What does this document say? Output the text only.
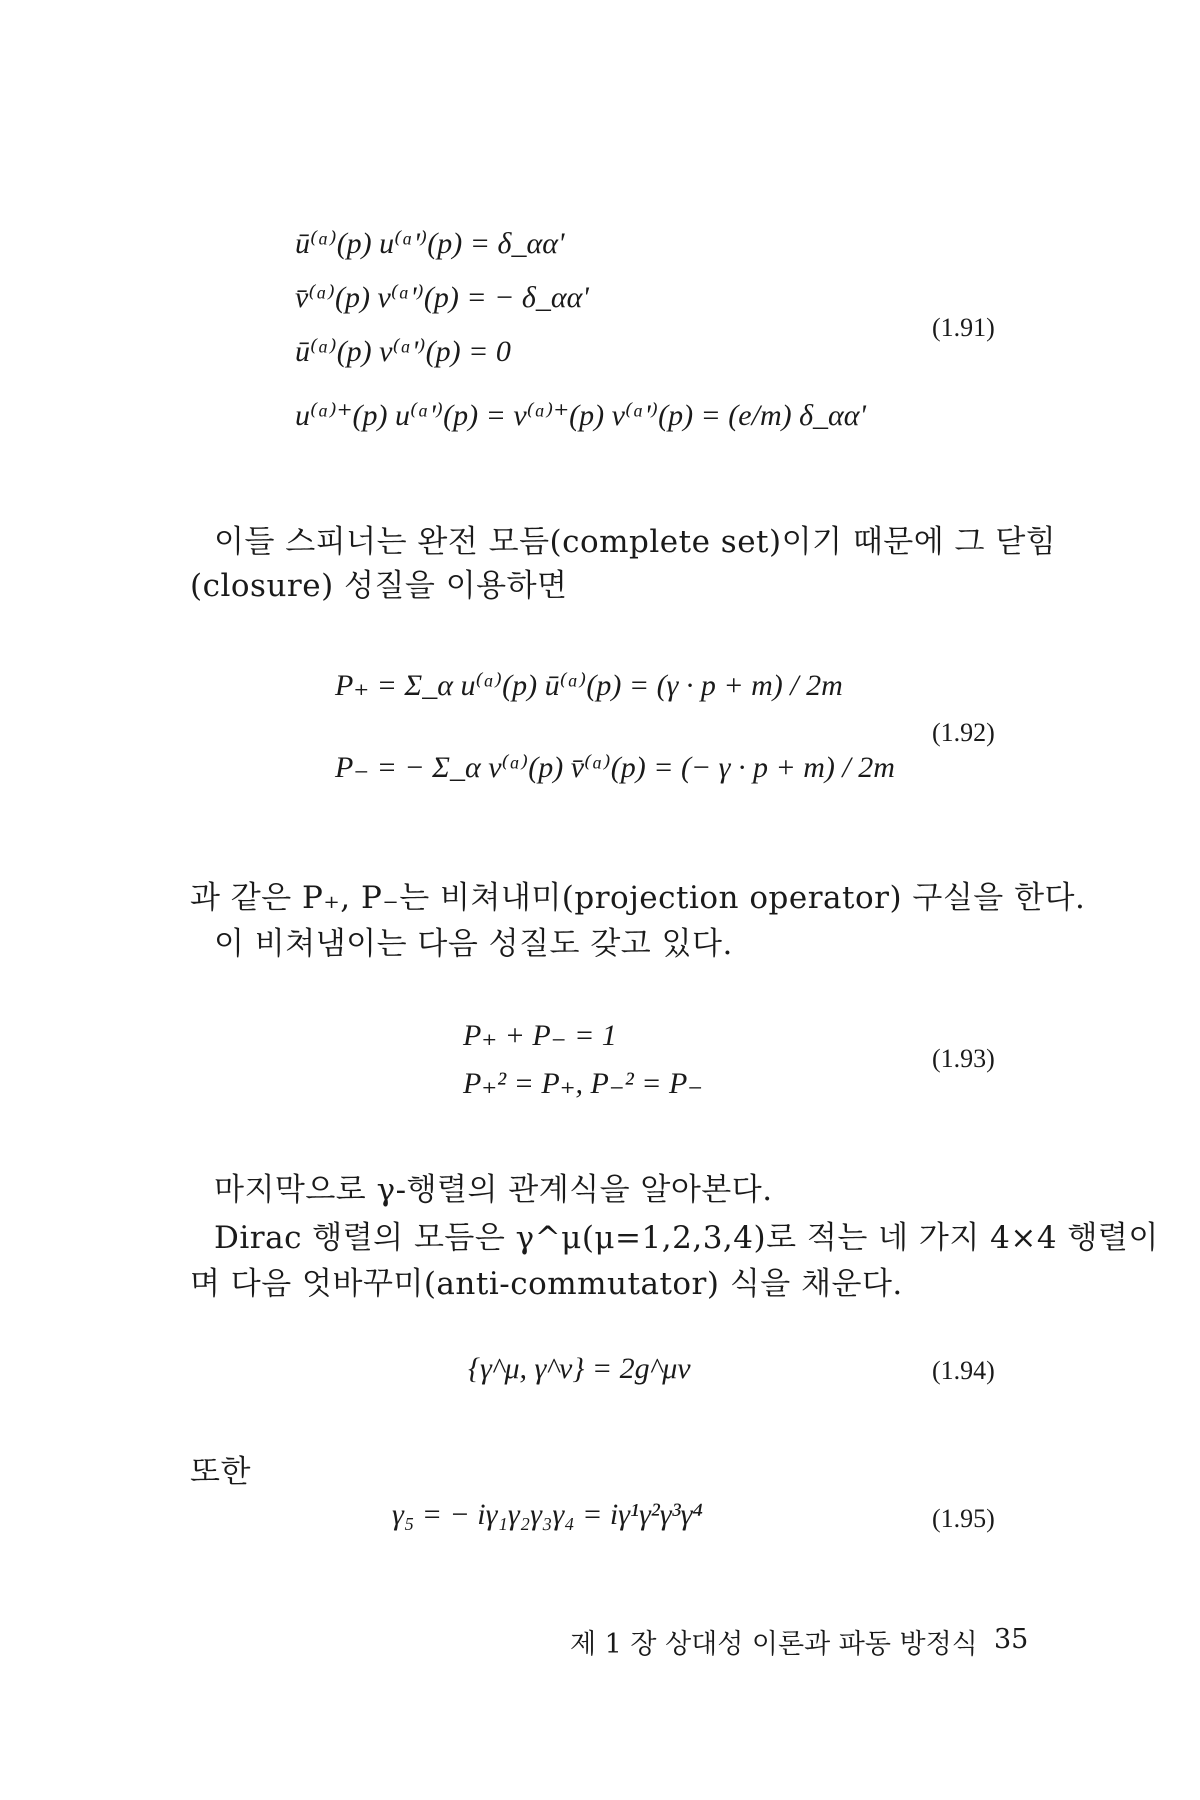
ū⁽ᵅ⁾(p) u⁽ᵅ'⁾(p) = δ_αα'
v̄⁽ᵅ⁾(p) v⁽ᵅ'⁾(p) = − δ_αα'
ū⁽ᵅ⁾(p) v⁽ᵅ'⁾(p) = 0
u⁽ᵅ⁾⁺(p) u⁽ᵅ'⁾(p) = v⁽ᵅ⁾⁺(p) v⁽ᵅ'⁾(p) = (e/m) δ_αα'
(1.91)
이들 스피너는 완전 모듬(complete set)이기 때문에 그 닫힘
(closure) 성질을 이용하면
P₊ = Σ_α u⁽ᵅ⁾(p) ū⁽ᵅ⁾(p) = (γ · p + m) / 2m
P₋ = − Σ_α v⁽ᵅ⁾(p) v̄⁽ᵅ⁾(p) = (− γ · p + m) / 2m
(1.92)
과 같은 P₊, P₋는 비쳐내미(projection operator) 구실을 한다.
이 비쳐냄이는 다음 성질도 갖고 있다.
P₊ + P₋ = 1
P₊² = P₊, P₋² = P₋
(1.93)
마지막으로 γ-행렬의 관계식을 알아본다.
Dirac 행렬의 모듬은 γ^μ(μ=1,2,3,4)로 적는 네 가지 4×4 행렬이
며 다음 엇바꾸미(anti-commutator) 식을 채운다.
{γ^μ, γ^ν} = 2g^μν	(1.94)
또한
γ₅ = − iγ₁γ₂γ₃γ₄ = iγ¹γ²γ³γ⁴	(1.95)
제 1 장 상대성 이론과 파동 방정식 35
